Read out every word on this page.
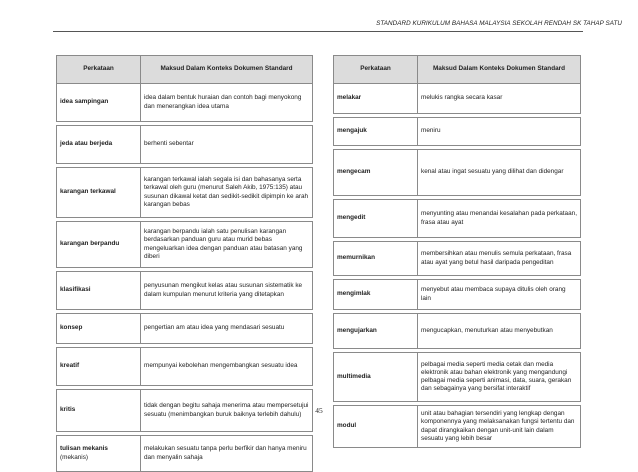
STANDARD KURIKULUM BAHASA MALAYSIA SEKOLAH RENDAH SK TAHAP SATU
Perkataan	Maksud Dalam Konteks Dokumen Standard
idea sampingan	idea dalam bentuk huraian dan contoh bagi menyokong dan menerangkan idea utama

jeda atau berjeda	berhenti sebentar

karangan terkawal	karangan terkawal ialah segala isi dan bahasanya serta terkawal oleh guru (menurut Saleh Akib, 1975:135) atau susunan dikawal ketat dan sedikit-sedikit dipimpin ke arah karangan bebas

karangan berpandu	karangan berpandu ialah satu penulisan karangan berdasarkan panduan guru atau murid bebas mengeluarkan idea dengan panduan atau batasan yang diberi

klasifikasi	penyusunan mengikut kelas atau susunan sistematik ke dalam kumpulan menurut kriteria yang ditetapkan

konsep	pengertian am atau idea yang mendasari sesuatu

kreatif	mempunyai kebolehan mengembangkan sesuatu idea

kritis	tidak dengan begitu sahaja menerima atau mempersetujui sesuatu (menimbangkan buruk baiknya terlebih dahulu)

tulisan mekanis
(mekanis)	melakukan sesuatu tanpa perlu berfikir dan hanya meniru dan menyalin sahaja
Perkataan	Maksud Dalam Konteks Dokumen Standard
melakar	melukis rangka secara kasar

mengajuk	meniru

mengecam	kenal atau ingat sesuatu yang dilihat dan didengar

mengedit	menyunting atau menandai kesalahan pada perkataan, frasa atau ayat

memurnikan	membersihkan atau menulis semula perkataan, frasa atau ayat yang betul hasil daripada pengeditan

mengimlak	menyebut atau membaca supaya ditulis oleh orang lain

mengujarkan	mengucapkan, menuturkan atau menyebutkan

multimedia	pelbagai media seperti media cetak dan media elektronik atau bahan elektronik yang mengandungi pelbagai media seperti animasi, data, suara, gerakan dan sebagainya yang bersifat interaktif

modul	unit atau bahagian tersendiri yang lengkap dengan komponennya yang melaksanakan fungsi tertentu dan dapat dirangkaikan dengan unit-unit lain dalam sesuatu yang lebih besar
45
